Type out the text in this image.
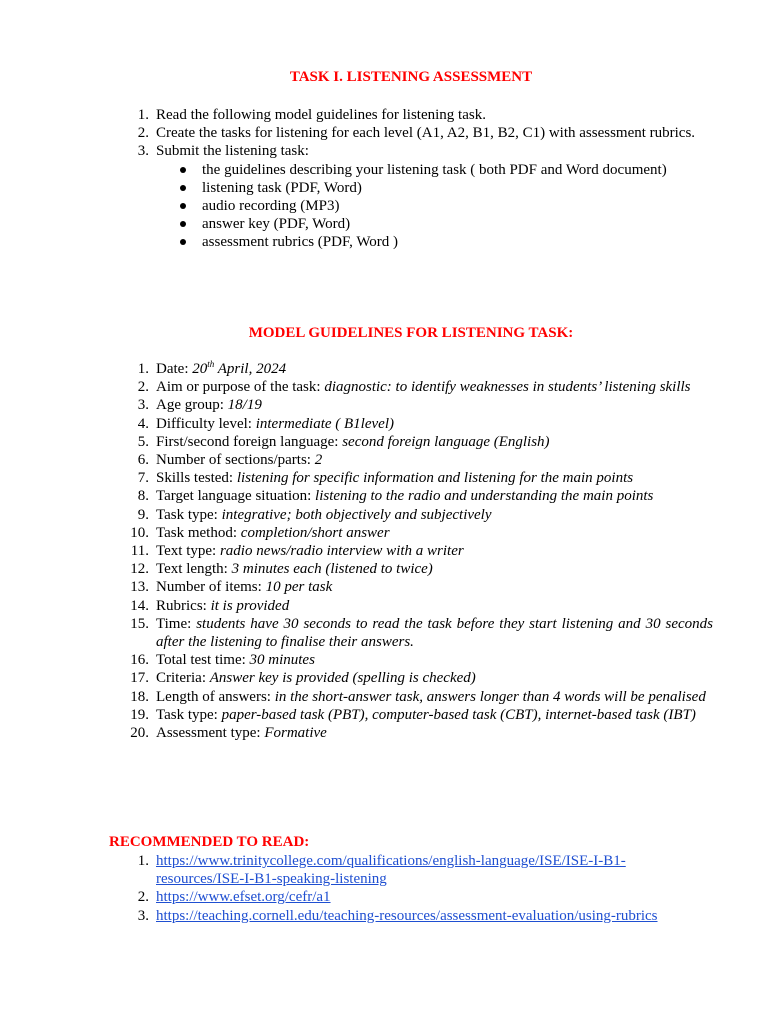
TASK I. LISTENING ASSESSMENT
1. Read the following model guidelines for listening task.
2. Create the tasks for listening for each level (A1, A2, B1, B2, C1) with assessment rubrics.
3. Submit the listening task:
the guidelines describing your listening task ( both PDF and Word document)
listening task (PDF, Word)
audio recording (MP3)
answer key (PDF, Word)
assessment rubrics (PDF, Word )
MODEL GUIDELINES FOR LISTENING TASK:
1. Date: 20th April, 2024
2. Aim or purpose of the task: diagnostic: to identify weaknesses in students’ listening skills
3. Age group: 18/19
4. Difficulty level: intermediate ( B1level)
5. First/second foreign language: second foreign language (English)
6. Number of sections/parts: 2
7. Skills tested: listening for specific information and listening for the main points
8. Target language situation: listening to the radio and understanding the main points
9. Task type: integrative; both objectively and subjectively
10. Task method: completion/short answer
11. Text type: radio news/radio interview with a writer
12. Text length: 3 minutes each (listened to twice)
13. Number of items: 10 per task
14. Rubrics: it is provided
15. Time: students have 30 seconds to read the task before they start listening and 30 seconds after the listening to finalise their answers.
16. Total test time: 30 minutes
17. Criteria: Answer key is provided (spelling is checked)
18. Length of answers: in the short-answer task, answers longer than 4 words will be penalised
19. Task type: paper-based task (PBT), computer-based task (CBT), internet-based task (IBT)
20. Assessment type: Formative
RECOMMENDED TO READ:
1. https://www.trinitycollege.com/qualifications/english-language/ISE/ISE-I-B1-resources/ISE-I-B1-speaking-listening
2. https://www.efset.org/cefr/a1
3. https://teaching.cornell.edu/teaching-resources/assessment-evaluation/using-rubrics
